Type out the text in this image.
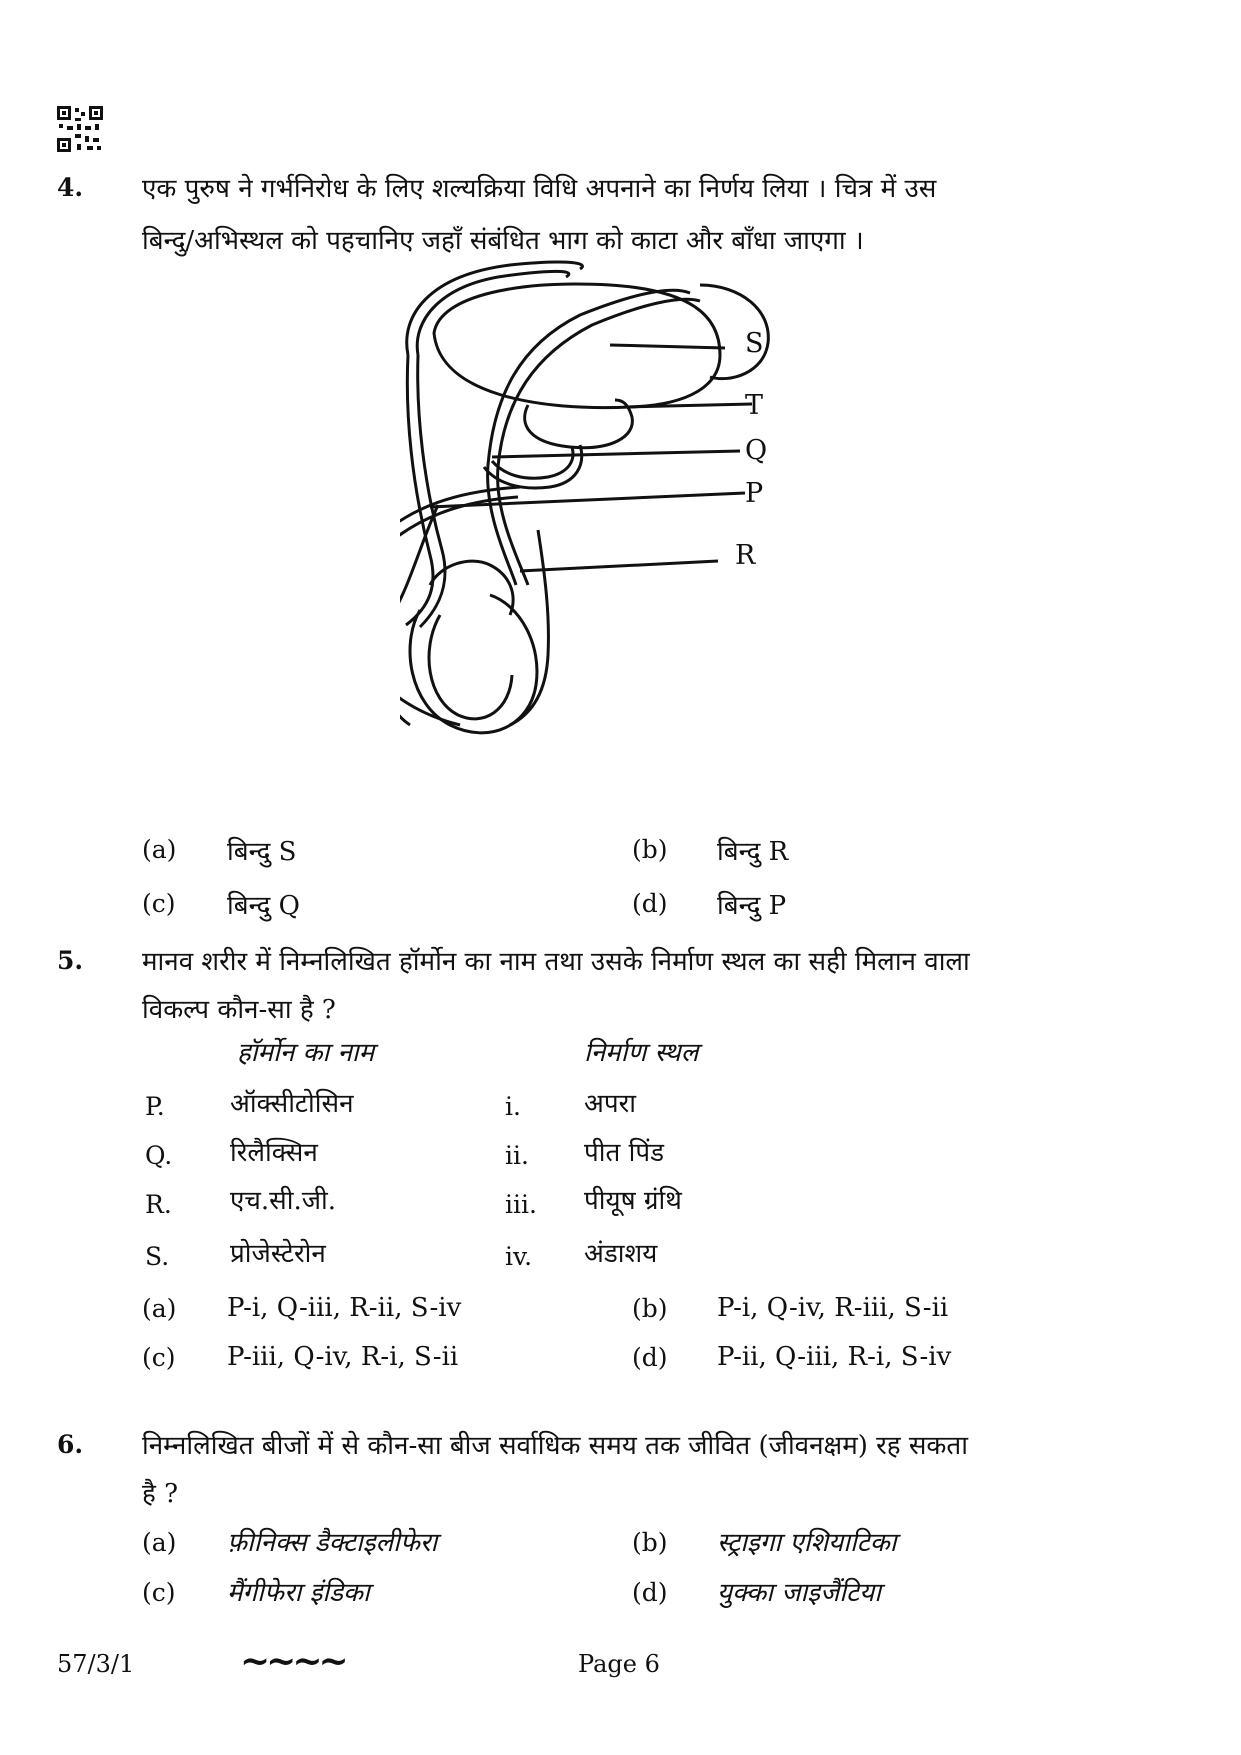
4. एक पुरुष ने गर्भनिरोध के लिए शल्यक्रिया विधि अपनाने का निर्णय लिया । चित्र में उस
बिन्दु/अभिस्थल को पहचानिए जहाँ संबंधित भाग को काटा और बाँधा जाएगा ।
S
T
Q
P
R
(a) बिन्दु S	(b) बिन्दु R
(c) बिन्दु Q	(d) बिन्दु P
5. मानव शरीर में निम्नलिखित हॉर्मोन का नाम तथा उसके निर्माण स्थल का सही मिलान वाला
विकल्प कौन-सा है ?
हॉर्मोन का नाम	निर्माण स्थल
P.	ऑक्सीटोसिन	i. अपरा
Q. रिलैक्सिन	ii. पीत पिंड
R. एच.सी.जी.	iii. पीयूष ग्रंथि
S. प्रोजेस्टेरोन	iv. अंडाशय
(a) P-i, Q-iii, R-ii, S-iv	(b) P-i, Q-iv, R-iii, S-ii
(c) P-iii, Q-iv, R-i, S-ii	(d) P-ii, Q-iii, R-i, S-iv
6. निम्नलिखित बीजों में से कौन-सा बीज सर्वाधिक समय तक जीवित (जीवनक्षम) रह सकता
है ?
(a) फ़ीनिक्स डैक्टाइलीफेरा	(b) स्ट्राइगा एशियाटिका
(c) मैंगीफेरा इंडिका	(d) युक्का जाइजैंटिया
57/3/1	~~~~	Page 6
